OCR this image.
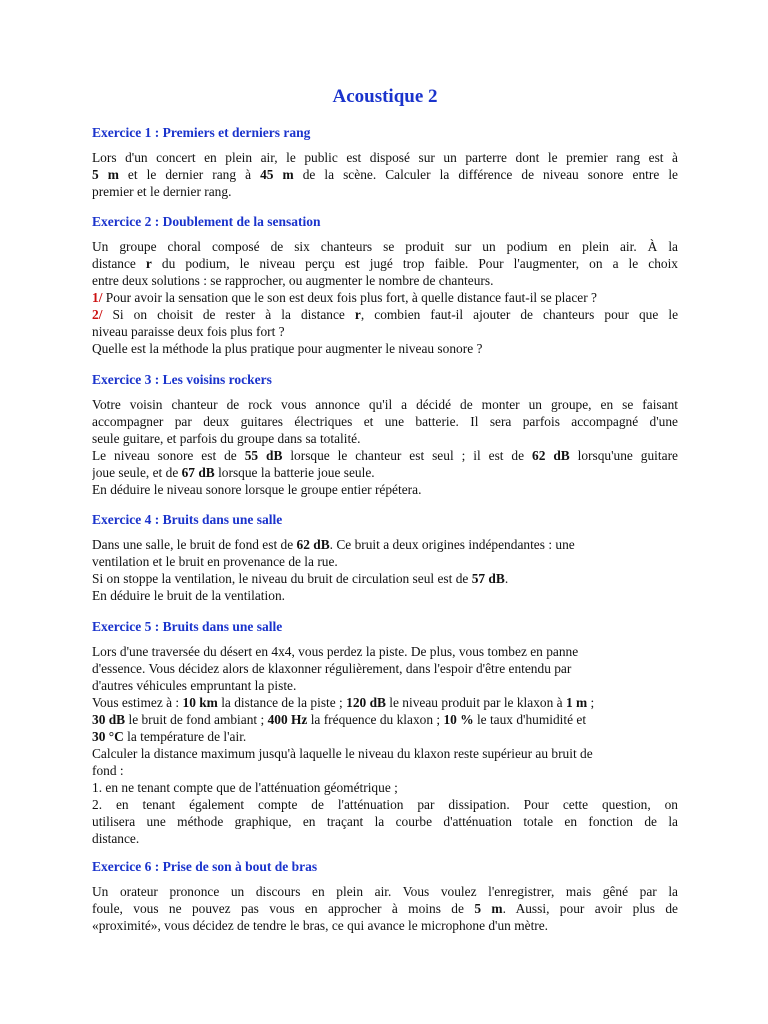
Acoustique 2
Exercice 1 : Premiers et derniers rang
Lors d'un concert en plein air, le public est disposé sur un parterre dont le premier rang est à
5 m et le dernier rang à 45 m de la scène. Calculer la différence de niveau sonore entre le
premier et le dernier rang.
Exercice 2 : Doublement de la sensation
Un groupe choral composé de six chanteurs se produit sur un podium en plein air. À la
distance r du podium, le niveau perçu est jugé trop faible. Pour l'augmenter, on a le choix
entre deux solutions : se rapprocher, ou augmenter le nombre de chanteurs.
1/ Pour avoir la sensation que le son est deux fois plus fort, à quelle distance faut-il se placer ?
2/ Si on choisit de rester à la distance r, combien faut-il ajouter de chanteurs pour que le
niveau paraisse deux fois plus fort ?
Quelle est la méthode la plus pratique pour augmenter le niveau sonore ?
Exercice 3 : Les voisins rockers
Votre voisin chanteur de rock vous annonce qu'il a décidé de monter un groupe, en se faisant
accompagner par deux guitares électriques et une batterie. Il sera parfois accompagné d'une
seule guitare, et parfois du groupe dans sa totalité.
Le niveau sonore est de 55 dB lorsque le chanteur est seul ; il est de 62 dB lorsqu'une guitare
joue seule, et de 67 dB lorsque la batterie joue seule.
En déduire le niveau sonore lorsque le groupe entier répétera.
Exercice 4 : Bruits dans une salle
Dans une salle, le bruit de fond est de 62 dB. Ce bruit a deux origines indépendantes : une
ventilation et le bruit en provenance de la rue.
Si on stoppe la ventilation, le niveau du bruit de circulation seul est de 57 dB.
En déduire le bruit de la ventilation.
Exercice 5 : Bruits dans une salle
Lors d'une traversée du désert en 4x4, vous perdez la piste. De plus, vous tombez en panne
d'essence. Vous décidez alors de klaxonner régulièrement, dans l'espoir d'être entendu par
d'autres véhicules empruntant la piste.
Vous estimez à : 10 km la distance de la piste ; 120 dB le niveau produit par le klaxon à 1 m ;
30 dB le bruit de fond ambiant ; 400 Hz la fréquence du klaxon ; 10 % le taux d'humidité et
30 °C la température de l'air.
Calculer la distance maximum jusqu'à laquelle le niveau du klaxon reste supérieur au bruit de
fond :
1. en ne tenant compte que de l'atténuation géométrique ;
2. en tenant également compte de l'atténuation par dissipation. Pour cette question, on
utilisera une méthode graphique, en traçant la courbe d'atténuation totale en fonction de la
distance.
Exercice 6 : Prise de son à bout de bras
Un orateur prononce un discours en plein air. Vous voulez l'enregistrer, mais gêné par la
foule, vous ne pouvez pas vous en approcher à moins de 5 m. Aussi, pour avoir plus de
«proximité», vous décidez de tendre le bras, ce qui avance le microphone d'un mètre.
